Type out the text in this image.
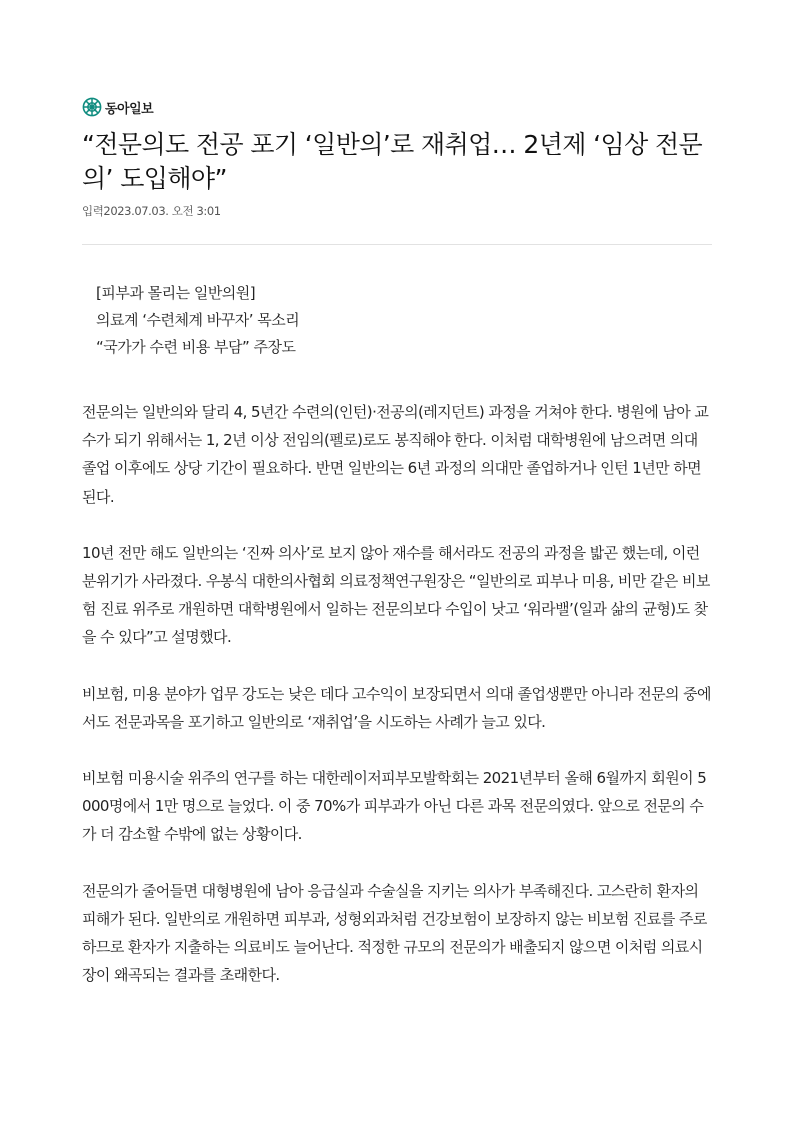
동아일보
“전문의도 전공 포기 ‘일반의’로 재취업… 2년제 ‘임상 전문의’ 도입해야”
입력2023.07.03. 오전 3:01
[피부과 몰리는 일반의원]
의료계 ‘수련체계 바꾸자’ 목소리
“국가가 수련 비용 부담” 주장도

전문의는 일반의와 달리 4, 5년간 수련의(인턴)·전공의(레지던트) 과정을 거쳐야 한다. 병원에 남아 교수가 되기 위해서는 1, 2년 이상 전임의(펠로)로도 봉직해야 한다. 이처럼 대학병원에 남으려면 의대 졸업 이후에도 상당 기간이 필요하다. 반면 일반의는 6년 과정의 의대만 졸업하거나 인턴 1년만 하면 된다.

10년 전만 해도 일반의는 ‘진짜 의사’로 보지 않아 재수를 해서라도 전공의 과정을 밟곤 했는데, 이런 분위기가 사라졌다. 우봉식 대한의사협회 의료정책연구원장은 “일반의로 피부나 미용, 비만 같은 비보험 진료 위주로 개원하면 대학병원에서 일하는 전문의보다 수입이 낫고 ‘워라밸’(일과 삶의 균형)도 찾을 수 있다”고 설명했다.

비보험, 미용 분야가 업무 강도는 낮은 데다 고수익이 보장되면서 의대 졸업생뿐만 아니라 전문의 중에서도 전문과목을 포기하고 일반의로 ‘재취업’을 시도하는 사례가 늘고 있다.

비보험 미용시술 위주의 연구를 하는 대한레이저피부모발학회는 2021년부터 올해 6월까지 회원이 5000명에서 1만 명으로 늘었다. 이 중 70%가 피부과가 아닌 다른 과목 전문의였다. 앞으로 전문의 수가 더 감소할 수밖에 없는 상황이다.

전문의가 줄어들면 대형병원에 남아 응급실과 수술실을 지키는 의사가 부족해진다. 고스란히 환자의 피해가 된다. 일반의로 개원하면 피부과, 성형외과처럼 건강보험이 보장하지 않는 비보험 진료를 주로 하므로 환자가 지출하는 의료비도 늘어난다. 적정한 규모의 전문의가 배출되지 않으면 이처럼 의료시장이 왜곡되는 결과를 초래한다.
